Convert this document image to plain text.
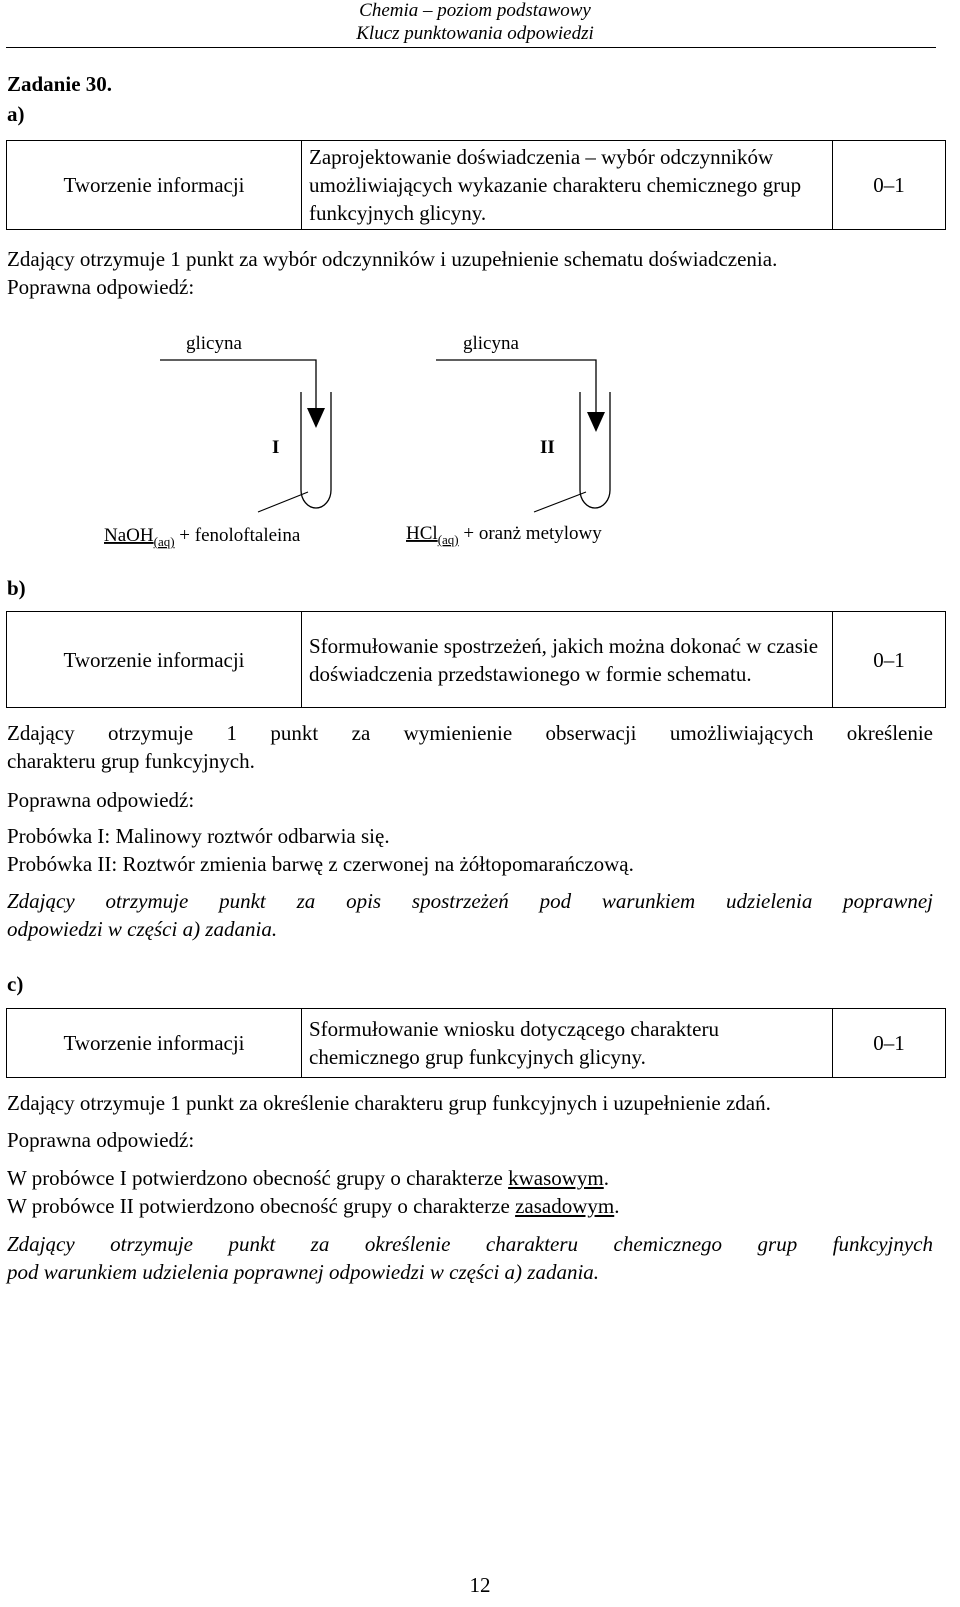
Chemia – poziom podstawowy
Klucz punktowania odpowiedzi
Zadanie 30.
a)
Tworzenie informacji	Zaprojektowanie doświadczenia – wybór odczynników umożliwiających wykazanie charakteru chemicznego grup funkcyjnych glicyny.	0–1
Zdający otrzymuje 1 punkt za wybór odczynników i uzupełnienie schematu doświadczenia.
Poprawna odpowiedź:
glicyna	glicyna
I	II
NaOH$_{(aq)}$ + fenoloftaleina	HCl$_{(aq)}$ + oranż metylowy
b)
Tworzenie informacji	Sformułowanie spostrzeżeń, jakich można dokonać w czasie doświadczenia przedstawionego w formie schematu.	0–1
Zdający otrzymuje 1 punkt za wymienienie obserwacji umożliwiających określenie
charakteru grup funkcyjnych.
Poprawna odpowiedź:
Probówka I: Malinowy roztwór odbarwia się.
Probówka II: Roztwór zmienia barwę z czerwonej na żółtopomarańczową.
Zdający otrzymuje punkt za opis spostrzeżeń pod warunkiem udzielenia poprawnej
odpowiedzi w części a) zadania.
c)
Tworzenie informacji	Sformułowanie wniosku dotyczącego charakteru chemicznego grup funkcyjnych glicyny.	0–1
Zdający otrzymuje 1 punkt za określenie charakteru grup funkcyjnych i uzupełnienie zdań.
Poprawna odpowiedź:
W probówce I potwierdzono obecność grupy o charakterze kwasowym.
W probówce II potwierdzono obecność grupy o charakterze zasadowym.
Zdający otrzymuje punkt za określenie charakteru chemicznego grup funkcyjnych
pod warunkiem udzielenia poprawnej odpowiedzi w części a) zadania.
12
